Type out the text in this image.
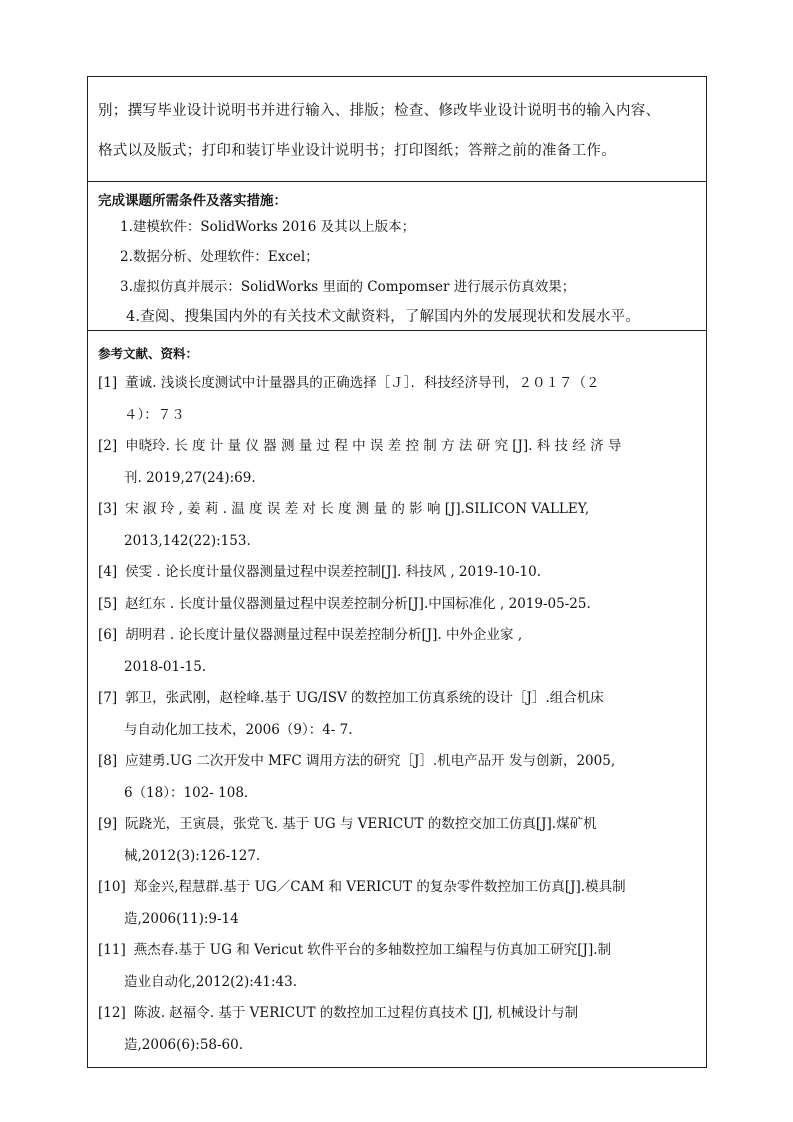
别；撰写毕业设计说明书并进行输入、排版；检查、修改毕业设计说明书的输入内容、
格式以及版式；打印和装订毕业设计说明书；打印图纸；答辩之前的准备工作。
完成课题所需条件及落实措施：
1.建模软件：SolidWorks 2016 及其以上版本；
2.数据分析、处理软件：Excel；
3.虚拟仿真并展示：SolidWorks 里面的 Compomser 进行展示仿真效果；
4.查阅、搜集国内外的有关技术文献资料，了解国内外的发展现状和发展水平。
参考文献、资料：
[1] 董诚. 浅谈长度测试中计量器具的正确选择［Ｊ］．科技经济导刊，２０１７（２
４）：７３
[2] 申晓玲. 长 度 计 量 仪 器 测 量 过 程 中 误 差 控 制 方 法 研 究 [J]. 科 技 经 济 导
刊. 2019,27(24):69.
[3] 宋 淑 玲 , 姜 莉 . 温 度 误 差 对 长 度 测 量 的 影 响 [J].SILICON VALLEY,
2013,142(22):153.
[4] 侯雯 . 论长度计量仪器测量过程中误差控制[J]. 科技风 , 2019-10-10.
[5] 赵红东 . 长度计量仪器测量过程中误差控制分析[J].中国标准化 , 2019-05-25.
[6] 胡明君 . 论长度计量仪器测量过程中误差控制分析[J]. 中外企业家 ,
2018-01-15.
[7] 郭卫，张武刚，赵栓峰.基于 UG/ISV 的数控加工仿真系统的设计［J］.组合机床
与自动化加工技术，2006（9）：4- 7.
[8] 应建勇.UG 二次开发中 MFC 调用方法的研究［J］.机电产品开 发与创新，2005,
6（18）：102- 108.
[9] 阮跷光，王寅晨，张党飞. 基于 UG 与 VERICUT 的数控交加工仿真[J].煤矿机
械,2012(3):126-127.
[10] 郑金兴,程慧群.基于 UG／CAM 和 VERICUT 的复杂零件数控加工仿真[J].模具制
造,2006(11):9-14
[11] 燕杰春.基于 UG 和 Vericut 软件平台的多轴数控加工编程与仿真加工研究[J].制
造业自动化,2012(2):41:43.
[12] 陈波. 赵福令. 基于 VERICUT 的数控加工过程仿真技术 [J], 机械设计与制
造,2006(6):58-60.
